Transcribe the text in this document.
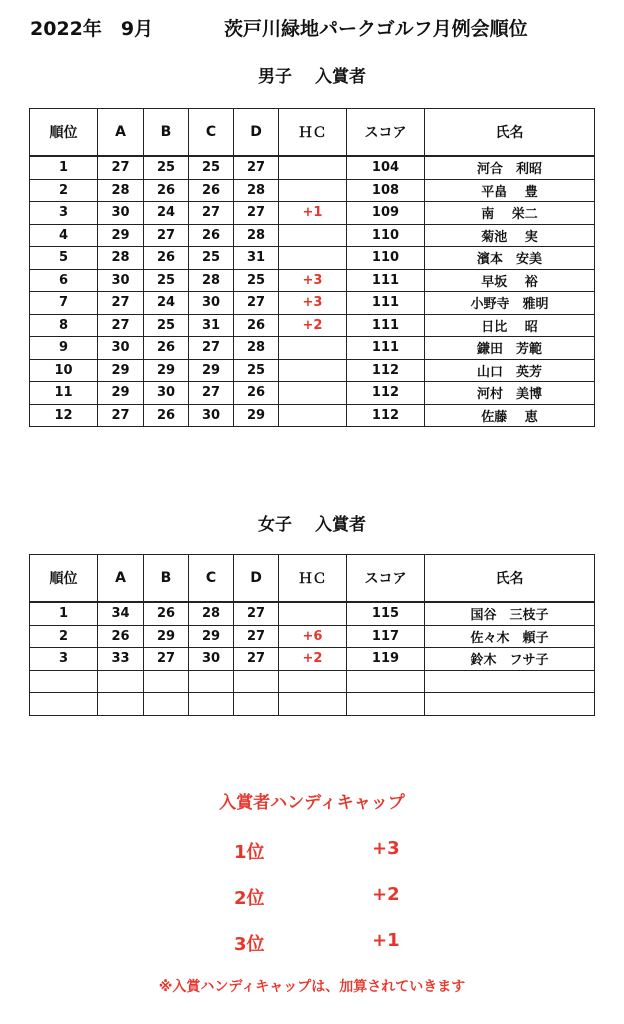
2022年　9月	茨戸川緑地パークゴルフ月例会順位
男子　 入賞者
順位	A	B	C	D	ＨＣ	スコア	氏名
1	27	25	25	27		104	河合　利昭
2	28	26	26	28		108	平畠　 豊
3	30	24	27	27	+1	109	南　 栄二
4	29	27	26	28		110	菊池　 実
5	28	26	25	31		110	濱本　安美
6	30	25	28	25	+3	111	早坂　 裕
7	27	24	30	27	+3	111	小野寺　雅明
8	27	25	31	26	+2	111	日比　 昭
9	30	26	27	28		111	鎌田　芳範
10	29	29	29	25		112	山口　英芳
11	29	30	27	26		112	河村　美博
12	27	26	30	29		112	佐藤　 恵
女子　 入賞者
順位	A	B	C	D	ＨＣ	スコア	氏名
1	34	26	28	27		115	国谷　三枝子
2	26	29	29	27	+6	117	佐々木　頼子
3	33	27	30	27	+2	119	鈴木　フサ子

入賞者ハンディキャップ
1位	+3
2位	+2
3位	+1
※入賞ハンディキャップは、加算されていきます
